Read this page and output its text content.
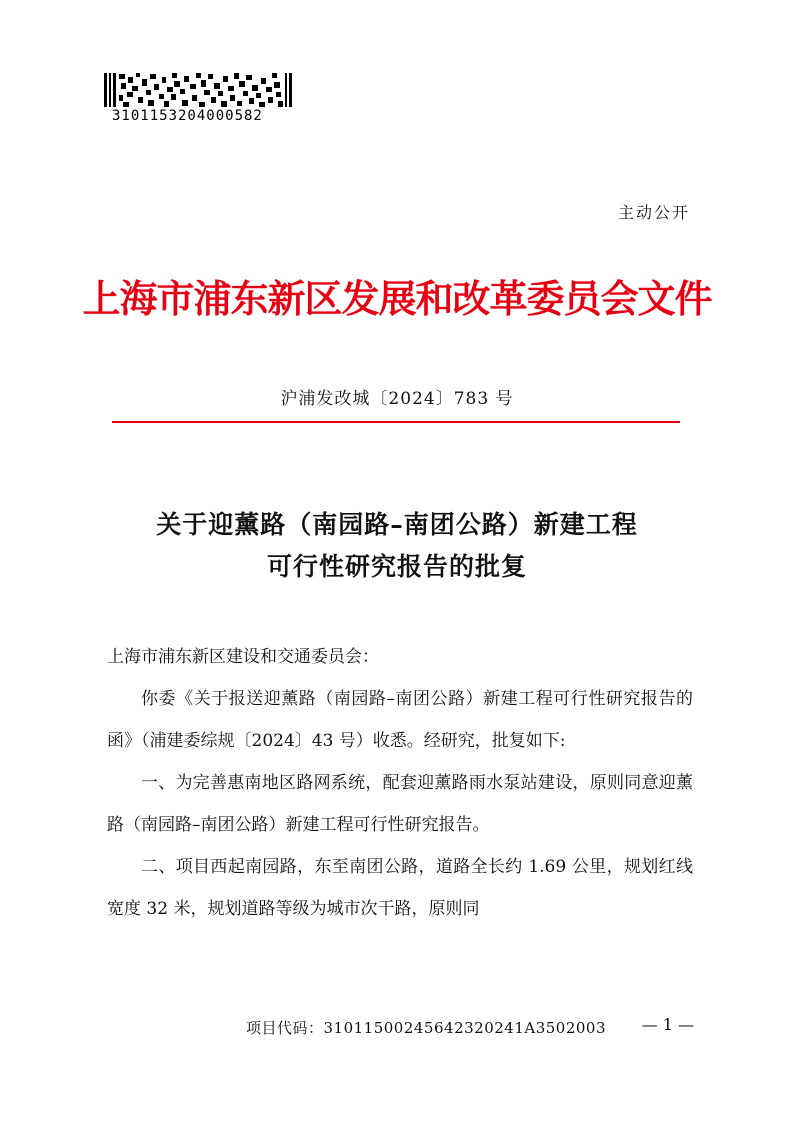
3101153204000582
主动公开
上海市浦东新区发展和改革委员会文件
沪浦发改城〔2024〕783 号
关于迎薰路（南园路–南团公路）新建工程
可行性研究报告的批复

上海市浦东新区建设和交通委员会：

你委《关于报送迎薰路（南园路–南团公路）新建工程可行性研究报告的函》（浦建委综规〔2024〕43 号）收悉。经研究，批复如下:

一、为完善惠南地区路网系统，配套迎薰路雨水泵站建设，原则同意迎薰路（南园路–南团公路）新建工程可行性研究报告。

二、项目西起南园路，东至南团公路，道路全长约 1.69 公里，规划红线宽度 32 米，规划道路等级为城市次干路，原则同

项目代码：31011500245642320241A3502003 — 1 —
